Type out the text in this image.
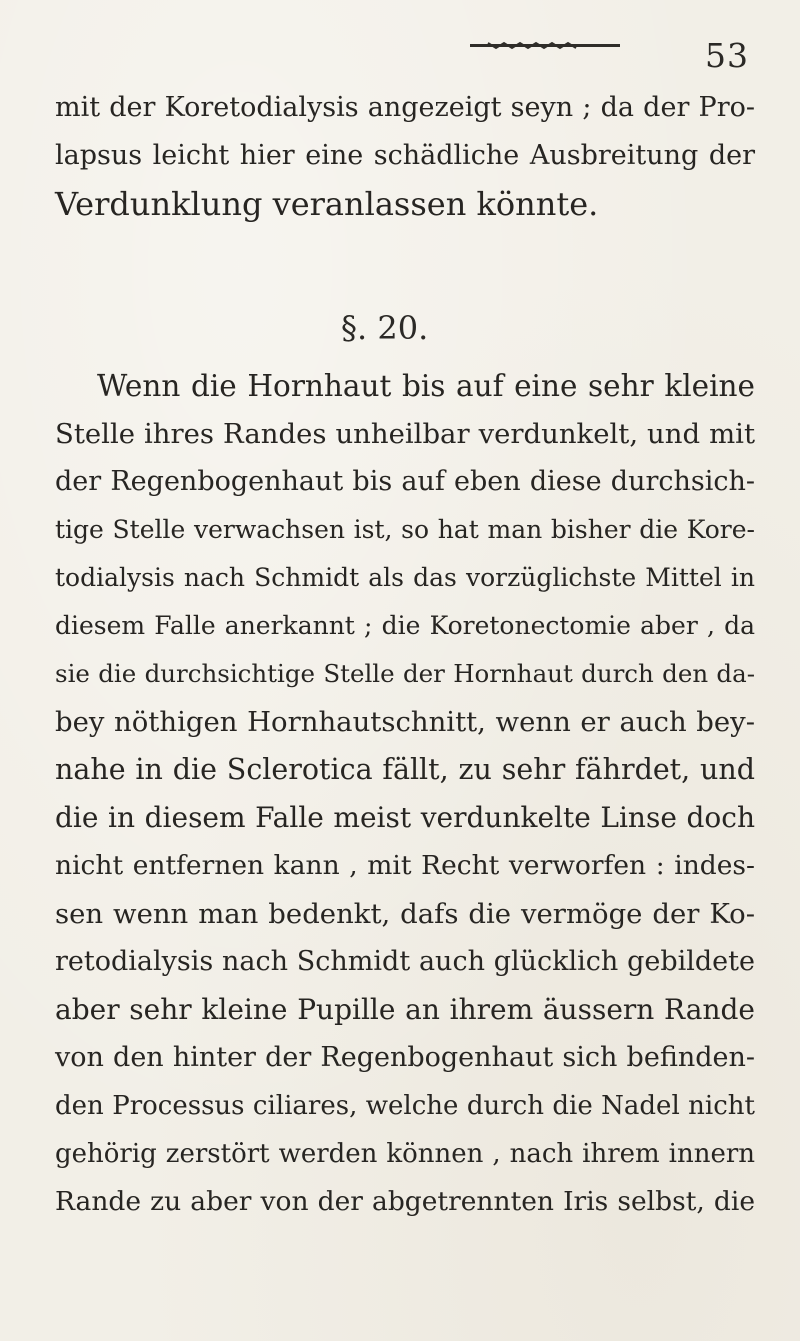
53
mit der Koretodialysis angezeigt seyn ; da der Pro-
lapsus leicht hier eine schädliche Ausbreitung der
Verdunklung veranlassen könnte.
§. 20.
Wenn die Hornhaut bis auf eine sehr kleine
Stelle ihres Randes unheilbar verdunkelt, und mit
der Regenbogenhaut bis auf eben diese durchsich-
tige Stelle verwachsen ist, so hat man bisher die Kore-
todialysis nach Schmidt als das vorzüglichste Mittel in
diesem Falle anerkannt ; die Koretonectomie aber , da
sie die durchsichtige Stelle der Hornhaut durch den da-
bey nöthigen Hornhautschnitt, wenn er auch bey-
nahe in die Sclerotica fällt, zu sehr fährdet, und
die in diesem Falle meist verdunkelte Linse doch
nicht entfernen kann , mit Recht verworfen : indes-
sen wenn man bedenkt, dafs die vermöge der Ko-
retodialysis nach Schmidt auch glücklich gebildete
aber sehr kleine Pupille an ihrem äussern Rande
von den hinter der Regenbogenhaut sich befinden-
den Processus ciliares, welche durch die Nadel nicht
gehörig zerstört werden können , nach ihrem innern
Rande zu aber von der abgetrennten Iris selbst, die
